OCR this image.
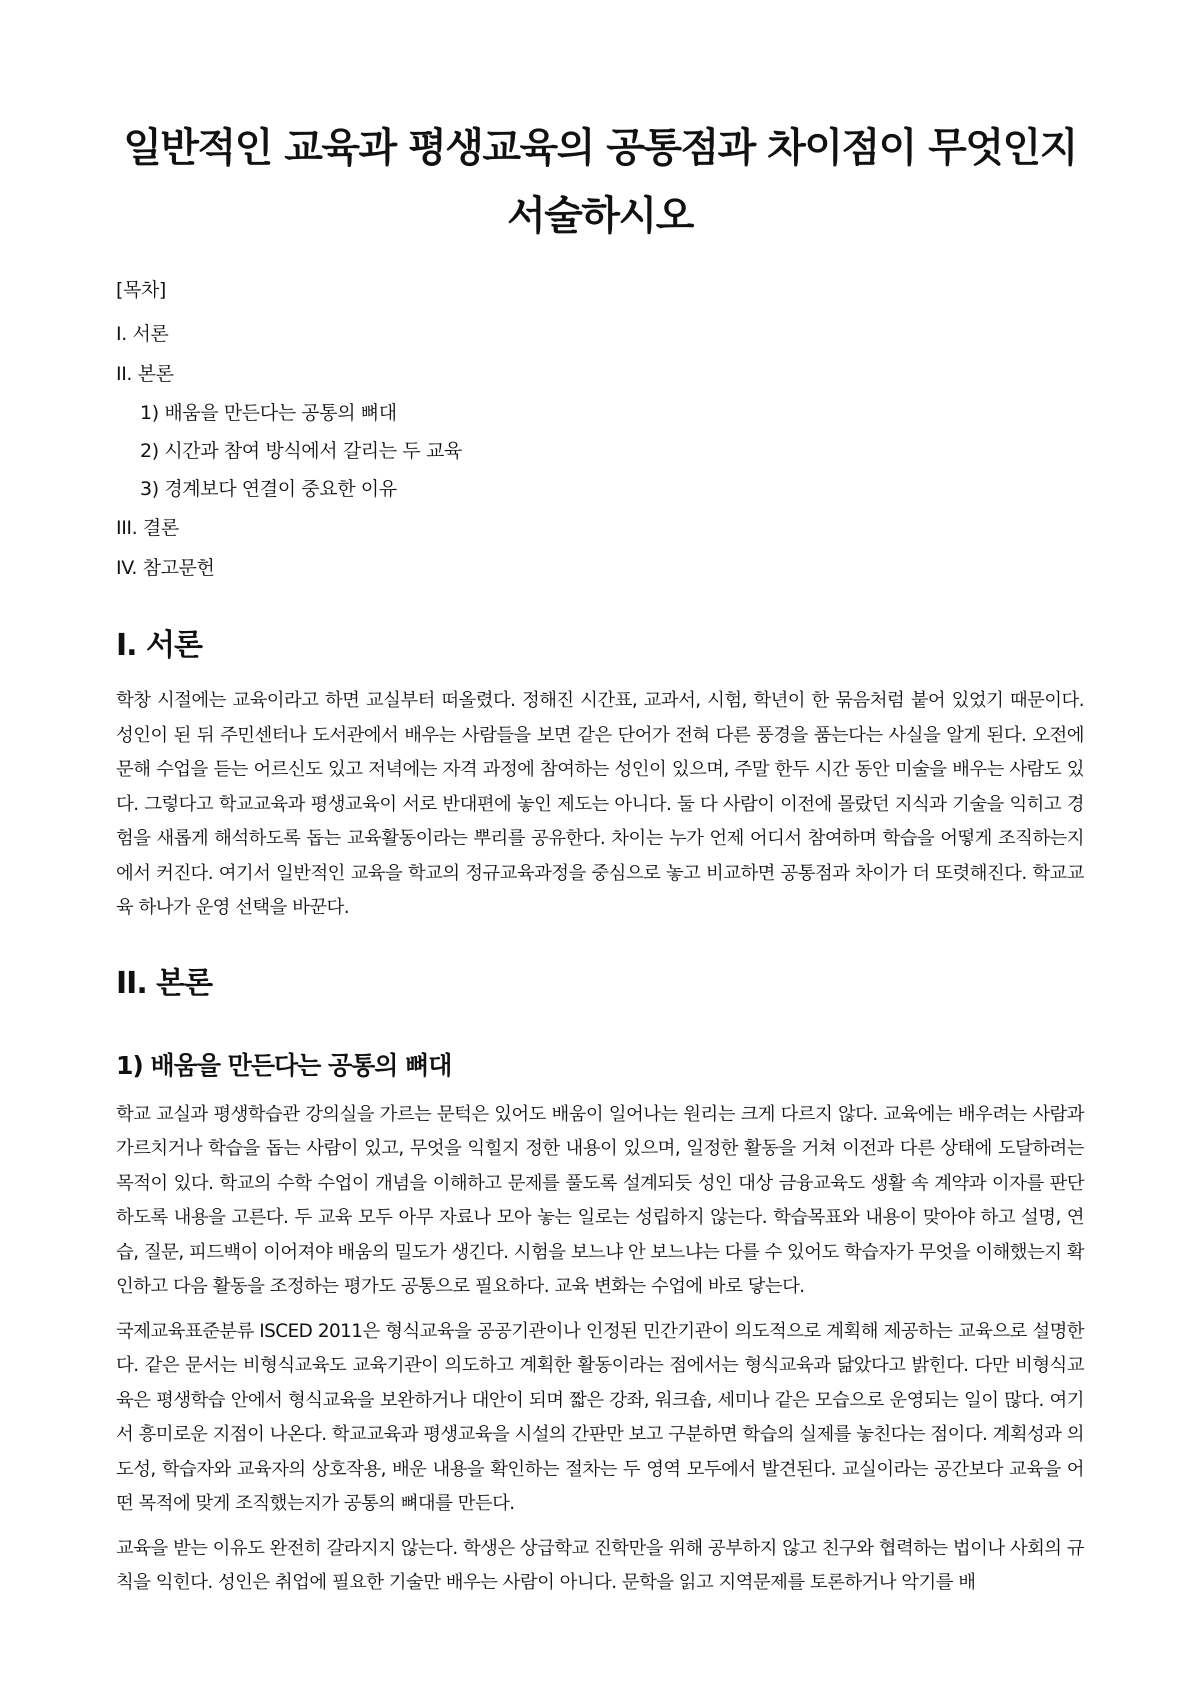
일반적인 교육과 평생교육의 공통점과 차이점이 무엇인지 서술하시오
[목차]
I. 서론
II. 본론
1) 배움을 만든다는 공통의 뼈대
2) 시간과 참여 방식에서 갈리는 두 교육
3) 경계보다 연결이 중요한 이유
III. 결론
IV. 참고문헌
I. 서론

학창 시절에는 교육이라고 하면 교실부터 떠올렸다. 정해진 시간표, 교과서, 시험, 학년이 한 묶음처럼 붙어 있었기 때문이다. 성인이 된 뒤 주민센터나 도서관에서 배우는 사람들을 보면 같은 단어가 전혀 다른 풍경을 품는다는 사실을 알게 된다. 오전에 문해 수업을 듣는 어르신도 있고 저녁에는 자격 과정에 참여하는 성인이 있으며, 주말 한두 시간 동안 미술을 배우는 사람도 있다. 그렇다고 학교교육과 평생교육이 서로 반대편에 놓인 제도는 아니다. 둘 다 사람이 이전에 몰랐던 지식과 기술을 익히고 경험을 새롭게 해석하도록 돕는 교육활동이라는 뿌리를 공유한다. 차이는 누가 언제 어디서 참여하며 학습을 어떻게 조직하는지에서 커진다. 여기서 일반적인 교육을 학교의 정규교육과정을 중심으로 놓고 비교하면 공통점과 차이가 더 또렷해진다. 학교교육 하나가 운영 선택을 바꾼다.

II. 본론
1) 배움을 만든다는 공통의 뼈대

학교 교실과 평생학습관 강의실을 가르는 문턱은 있어도 배움이 일어나는 원리는 크게 다르지 않다. 교육에는 배우려는 사람과 가르치거나 학습을 돕는 사람이 있고, 무엇을 익힐지 정한 내용이 있으며, 일정한 활동을 거쳐 이전과 다른 상태에 도달하려는 목적이 있다. 학교의 수학 수업이 개념을 이해하고 문제를 풀도록 설계되듯 성인 대상 금융교육도 생활 속 계약과 이자를 판단하도록 내용을 고른다. 두 교육 모두 아무 자료나 모아 놓는 일로는 성립하지 않는다. 학습목표와 내용이 맞아야 하고 설명, 연습, 질문, 피드백이 이어져야 배움의 밀도가 생긴다. 시험을 보느냐 안 보느냐는 다를 수 있어도 학습자가 무엇을 이해했는지 확인하고 다음 활동을 조정하는 평가도 공통으로 필요하다. 교육 변화는 수업에 바로 닿는다.

국제교육표준분류 ISCED 2011은 형식교육을 공공기관이나 인정된 민간기관이 의도적으로 계획해 제공하는 교육으로 설명한다. 같은 문서는 비형식교육도 교육기관이 의도하고 계획한 활동이라는 점에서는 형식교육과 닮았다고 밝힌다. 다만 비형식교육은 평생학습 안에서 형식교육을 보완하거나 대안이 되며 짧은 강좌, 워크숍, 세미나 같은 모습으로 운영되는 일이 많다. 여기서 흥미로운 지점이 나온다. 학교교육과 평생교육을 시설의 간판만 보고 구분하면 학습의 실제를 놓친다는 점이다. 계획성과 의도성, 학습자와 교육자의 상호작용, 배운 내용을 확인하는 절차는 두 영역 모두에서 발견된다. 교실이라는 공간보다 교육을 어떤 목적에 맞게 조직했는지가 공통의 뼈대를 만든다.

교육을 받는 이유도 완전히 갈라지지 않는다. 학생은 상급학교 진학만을 위해 공부하지 않고 친구와 협력하는 법이나 사회의 규칙을 익힌다. 성인은 취업에 필요한 기술만 배우는 사람이 아니다. 문학을 읽고 지역문제를 토론하거나 악기를 배
